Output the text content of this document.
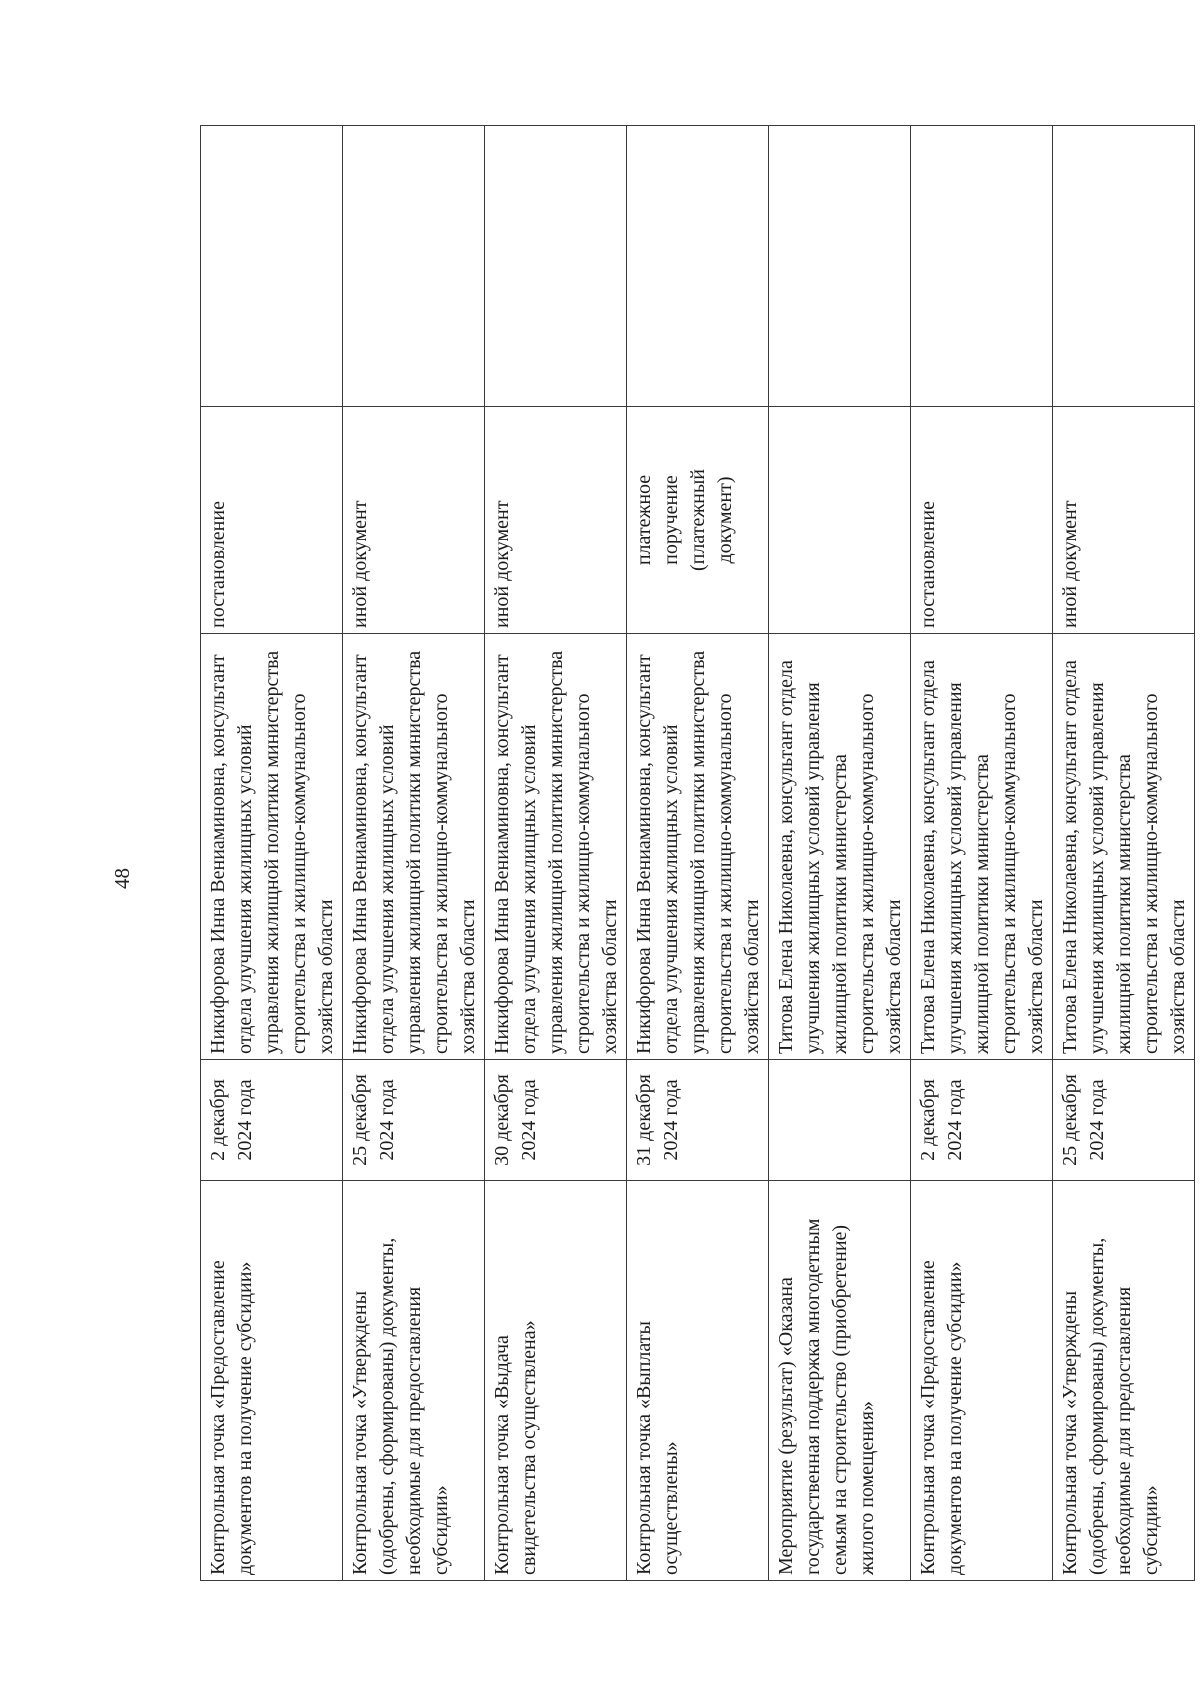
48
Контрольная точка «Предоставление
документов на получение субсидии»	2 декабря
2024 года	Никифорова Инна Вениаминовна, консультант
отдела улучшения жилищных условий
управления жилищной политики министерства
строительства и жилищно-коммунального
хозяйства области	постановление	

Контрольная точка «Утверждены
(одобрены, сформированы) документы,
необходимые для предоставления
субсидии»	25 декабря
2024 года	Никифорова Инна Вениаминовна, консультант
отдела улучшения жилищных условий
управления жилищной политики министерства
строительства и жилищно-коммунального
хозяйства области	иной документ	

Контрольная точка «Выдача
свидетельства осуществлена»	30 декабря
2024 года	Никифорова Инна Вениаминовна, консультант
отдела улучшения жилищных условий
управления жилищной политики министерства
строительства и жилищно-коммунального
хозяйства области	иной документ	

Контрольная точка «Выплаты
осуществлены»	31 декабря
2024 года	Никифорова Инна Вениаминовна, консультант
отдела улучшения жилищных условий
управления жилищной политики министерства
строительства и жилищно-коммунального
хозяйства области	платежное
поручение
(платежный
документ)	

Мероприятие (результат) «Оказана
государственная поддержка многодетным
семьям на строительство (приобретение)
жилого помещения»		Титова Елена Николаевна, консультант отдела
улучшения жилищных условий управления
жилищной политики министерства
строительства и жилищно-коммунального
хозяйства области		

Контрольная точка «Предоставление
документов на получение субсидии»	2 декабря
2024 года	Титова Елена Николаевна, консультант отдела
улучшения жилищных условий управления
жилищной политики министерства
строительства и жилищно-коммунального
хозяйства области	постановление	

Контрольная точка «Утверждены
(одобрены, сформированы) документы,
необходимые для предоставления
субсидии»	25 декабря
2024 года	Титова Елена Николаевна, консультант отдела
улучшения жилищных условий управления
жилищной политики министерства
строительства и жилищно-коммунального
хозяйства области	иной документ	
